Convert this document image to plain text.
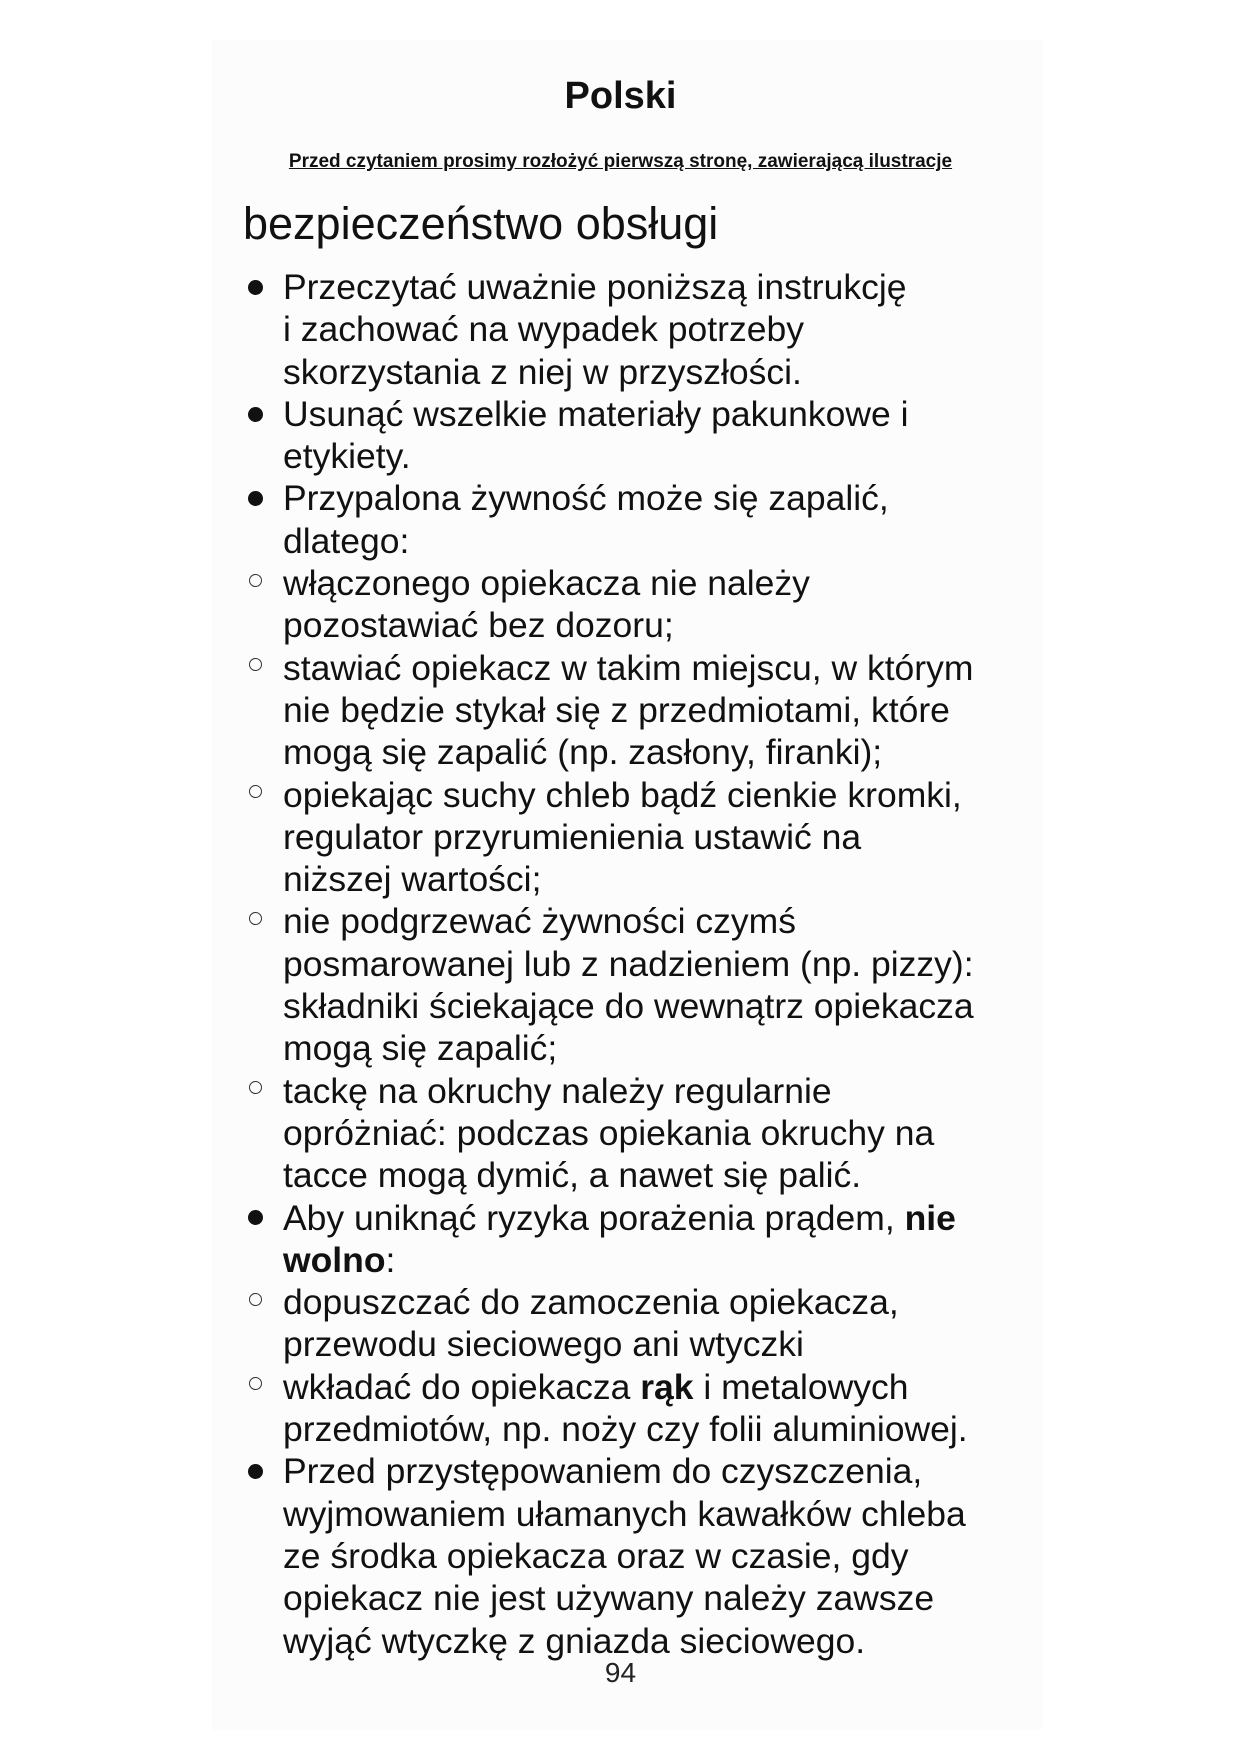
Polski
Przed czytaniem prosimy rozłożyć pierwszą stronę, zawierającą ilustracje
bezpieczeństwo obsługi
Przeczytać uważnie poniższą instrukcję
i zachować na wypadek potrzeby
skorzystania z niej w przyszłości.
Usunąć wszelkie materiały pakunkowe i
etykiety.
Przypalona żywność może się zapalić,
dlatego:
włączonego opiekacza nie należy
pozostawiać bez dozoru;
stawiać opiekacz w takim miejscu, w którym
nie będzie stykał się z przedmiotami, które
mogą się zapalić (np. zasłony, firanki);
opiekając suchy chleb bądź cienkie kromki,
regulator przyrumienienia ustawić na
niższej wartości;
nie podgrzewać żywności czymś
posmarowanej lub z nadzieniem (np. pizzy):
składniki ściekające do wewnątrz opiekacza
mogą się zapalić;
tackę na okruchy należy regularnie
opróżniać: podczas opiekania okruchy na
tacce mogą dymić, a nawet się palić.
Aby uniknąć ryzyka porażenia prądem, nie
wolno:
dopuszczać do zamoczenia opiekacza,
przewodu sieciowego ani wtyczki
wkładać do opiekacza rąk i metalowych
przedmiotów, np. noży czy folii aluminiowej.
Przed przystępowaniem do czyszczenia,
wyjmowaniem ułamanych kawałków chleba
ze środka opiekacza oraz w czasie, gdy
opiekacz nie jest używany należy zawsze
wyjąć wtyczkę z gniazda sieciowego.
94
